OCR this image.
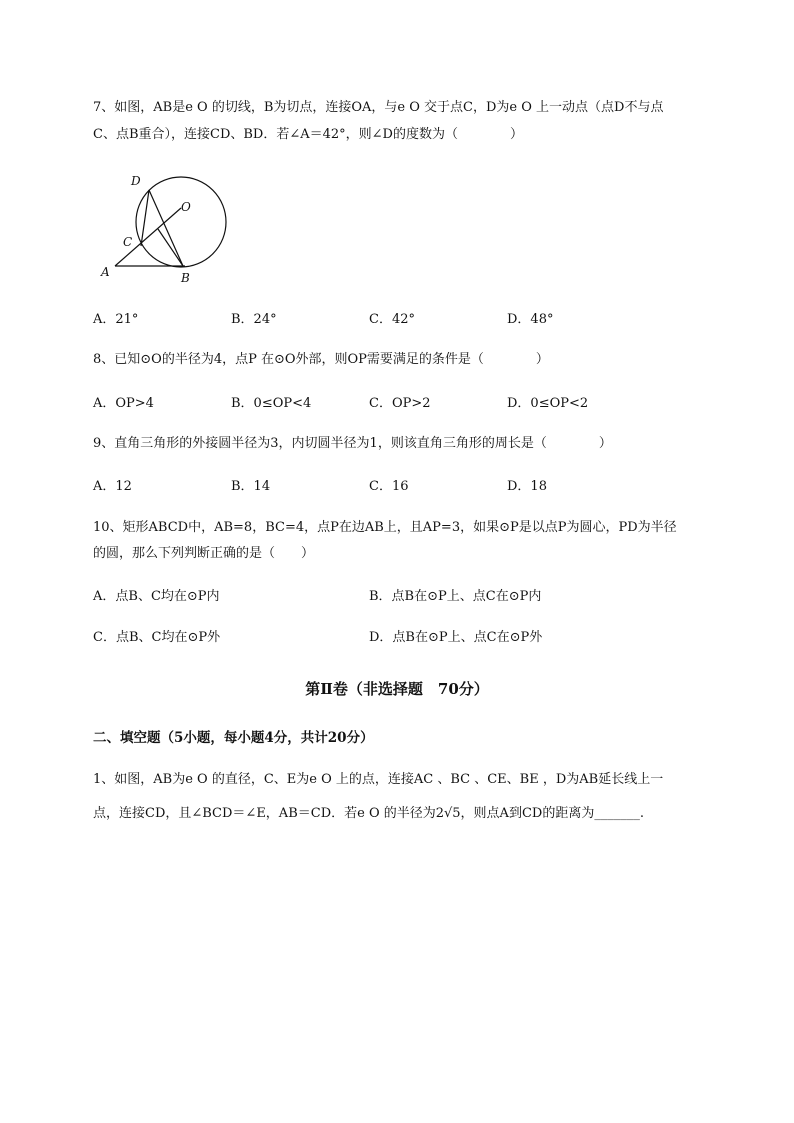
7、如图，AB是e O 的切线，B为切点，连接OA，与e O 交于点C，D为e O 上一动点（点D不与点
C、点B重合），连接CD、BD．若∠A＝42°，则∠D的度数为（　　　　）
D
O
C
A	B
A．21°	B．24°	C．42°	D．48°
8、已知⊙O的半径为4，点P 在⊙O外部，则OP需要满足的条件是（　　　　）
A．OP>4	B．0≤OP<4	C．OP>2	D．0≤OP<2
9、直角三角形的外接圆半径为3，内切圆半径为1，则该直角三角形的周长是（　　　　）
A．12	B．14	C．16	D．18
10、矩形ABCD中，AB=8，BC=4，点P在边AB上，且AP=3，如果⊙P是以点P为圆心，PD为半径
的圆，那么下列判断正确的是（　　）
A．点B、C均在⊙P内	B．点B在⊙P上、点C在⊙P内
C．点B、C均在⊙P外	D．点B在⊙P上、点C在⊙P外
第Ⅱ卷（非选择题　70分）
二、填空题（5小题，每小题4分，共计20分）
1、如图，AB为e O 的直径，C、E为e O 上的点，连接AC 、BC 、CE、BE ，D为AB延长线上一
点，连接CD，且∠BCD＝∠E，AB＝CD．若e O 的半径为2√5，则点A到CD的距离为_______.
